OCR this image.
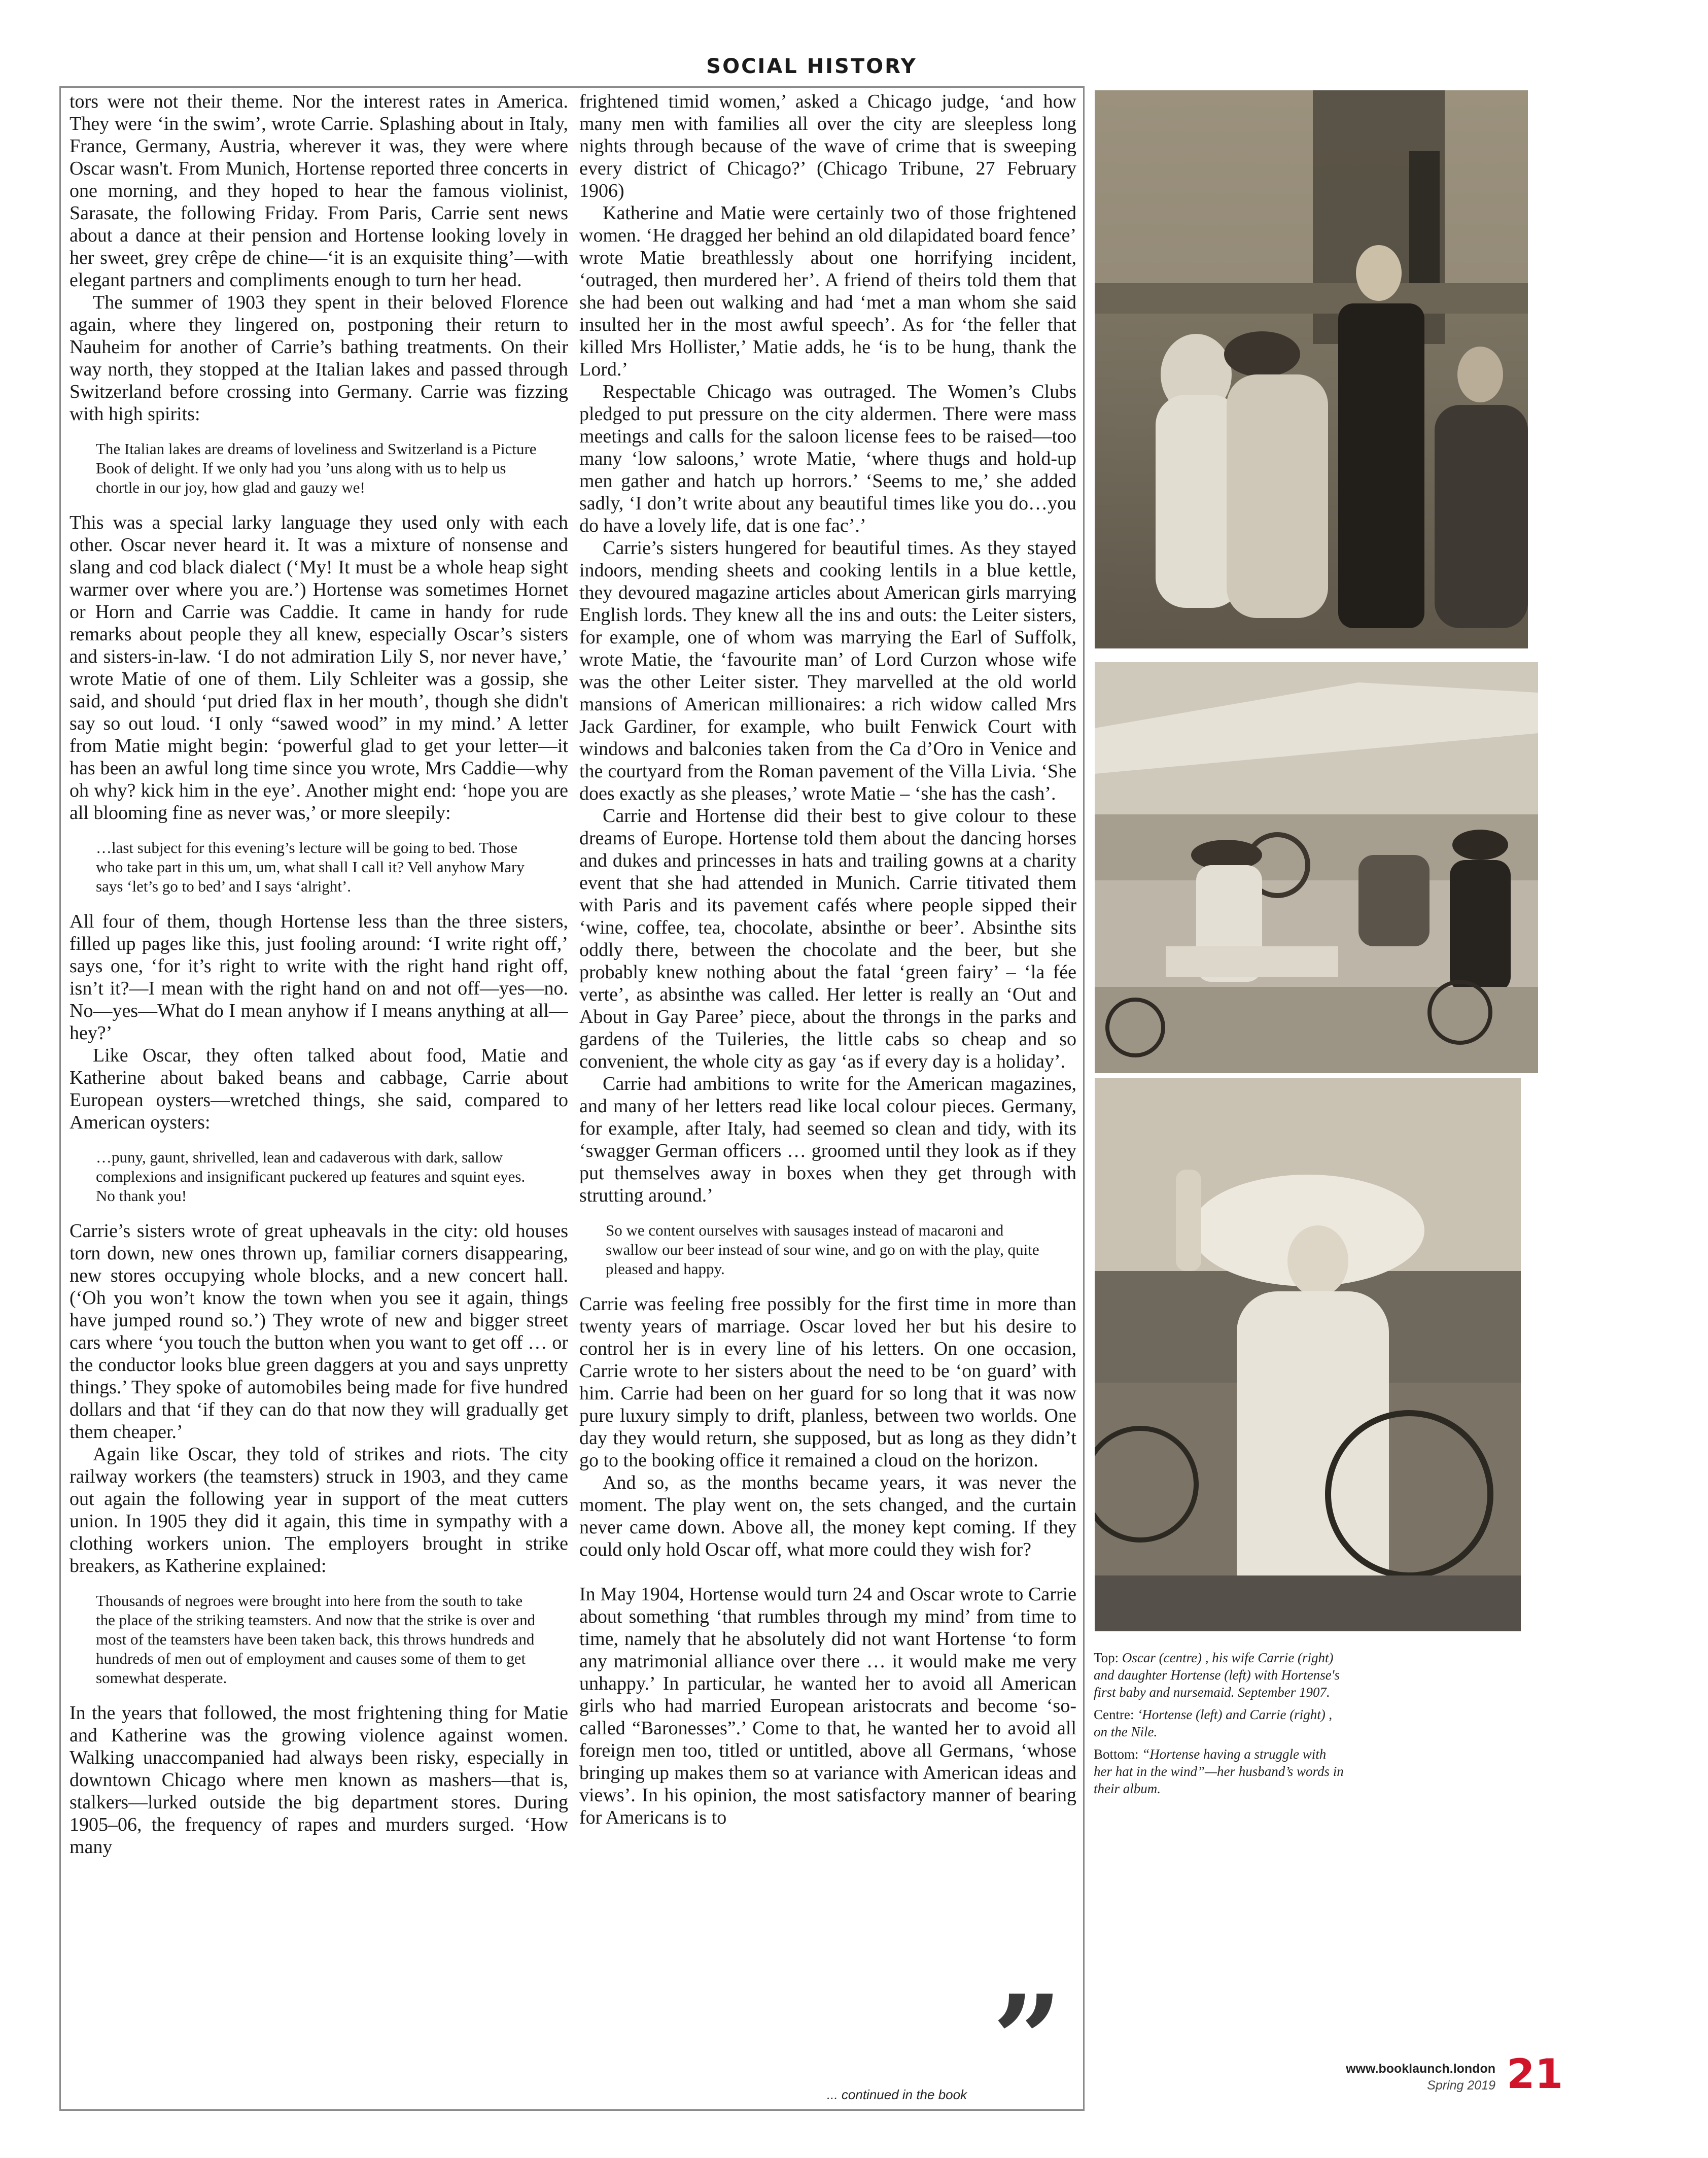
SOCIAL HISTORY

tors were not their theme. Nor the interest rates in America. They were ‘in the swim’, wrote Carrie. Splashing about in Italy, France, Germany, Austria, wherever it was, they were where Oscar wasn't. From Munich, Hortense reported three concerts in one morning, and they hoped to hear the famous violinist, Sarasate, the following Friday. From Paris, Carrie sent news about a dance at their pension and Hortense looking lovely in her sweet, grey crêpe de chine—‘it is an exquisite thing’—with elegant partners and compliments enough to turn her head.

The summer of 1903 they spent in their beloved Florence again, where they lingered on, postponing their return to Nauheim for another of Carrie’s bathing treatments. On their way north, they stopped at the Italian lakes and passed through Switzerland before crossing into Germany. Carrie was fizzing with high spirits:

The Italian lakes are dreams of loveliness and Switzerland is a Picture Book of delight. If we only had you ’uns along with us to help us chortle in our joy, how glad and gauzy we!

This was a special larky language they used only with each other. Oscar never heard it. It was a mixture of nonsense and slang and cod black dialect (‘My! It must be a whole heap sight warmer over where you are.’) Hortense was sometimes Hornet or Horn and Carrie was Caddie. It came in handy for rude remarks about people they all knew, especially Oscar’s sisters and sisters-in-law. ‘I do not admiration Lily S, nor never have,’ wrote Matie of one of them. Lily Schleiter was a gossip, she said, and should ‘put dried flax in her mouth’, though she didn't say so out loud. ‘I only “sawed wood” in my mind.’ A letter from Matie might begin: ‘powerful glad to get your letter—it has been an awful long time since you wrote, Mrs Caddie—why oh why? kick him in the eye’. Another might end: ‘hope you are all blooming fine as never was,’ or more sleepily:

…last subject for this evening’s lecture will be going to bed. Those who take part in this um, um, what shall I call it? Vell anyhow Mary says ‘let’s go to bed’ and I says ‘alright’.

All four of them, though Hortense less than the three sisters, filled up pages like this, just fooling around: ‘I write right off,’ says one, ‘for it’s right to write with the right hand right off, isn’t it?—I mean with the right hand on and not off—yes—no. No—yes—What do I mean anyhow if I means anything at all—hey?’

Like Oscar, they often talked about food, Matie and Katherine about baked beans and cabbage, Carrie about European oysters—wretched things, she said, compared to American oysters:

…puny, gaunt, shrivelled, lean and cadaverous with dark, sallow complexions and insignificant puckered up features and squint eyes. No thank you!

Carrie’s sisters wrote of great upheavals in the city: old houses torn down, new ones thrown up, familiar corners disappearing, new stores occupying whole blocks, and a new concert hall. (‘Oh you won’t know the town when you see it again, things have jumped round so.’) They wrote of new and bigger street cars where ‘you touch the button when you want to get off … or the conductor looks blue green daggers at you and says unpretty things.’ They spoke of automobiles being made for five hundred dollars and that ‘if they can do that now they will gradually get them cheaper.’

Again like Oscar, they told of strikes and riots. The city railway workers (the teamsters) struck in 1903, and they came out again the following year in support of the meat cutters union. In 1905 they did it again, this time in sympathy with a clothing workers union. The employers brought in strike breakers, as Katherine explained:

Thousands of negroes were brought into here from the south to take the place of the striking teamsters. And now that the strike is over and most of the teamsters have been taken back, this throws hundreds and hundreds of men out of employment and causes some of them to get somewhat desperate.

In the years that followed, the most frightening thing for Matie and Katherine was the growing violence against women. Walking unaccompanied had always been risky, especially in downtown Chicago where men known as mashers—that is, stalkers—lurked outside the big department stores. During 1905–06, the frequency of rapes and murders surged. ‘How many

frightened timid women,’ asked a Chicago judge, ‘and how many men with families all over the city are sleepless long nights through because of the wave of crime that is sweeping every district of Chicago?’ (Chicago Tribune, 27 February 1906)

Katherine and Matie were certainly two of those frightened women. ‘He dragged her behind an old dilapidated board fence’ wrote Matie breathlessly about one horrifying incident, ‘outraged, then murdered her’. A friend of theirs told them that she had been out walking and had ‘met a man whom she said insulted her in the most awful speech’. As for ‘the feller that killed Mrs Hollister,’ Matie adds, he ‘is to be hung, thank the Lord.’

Respectable Chicago was outraged. The Women’s Clubs pledged to put pressure on the city aldermen. There were mass meetings and calls for the saloon license fees to be raised—too many ‘low saloons,’ wrote Matie, ‘where thugs and hold-up men gather and hatch up horrors.’ ‘Seems to me,’ she added sadly, ‘I don’t write about any beautiful times like you do…you do have a lovely life, dat is one fac’.’

Carrie’s sisters hungered for beautiful times. As they stayed indoors, mending sheets and cooking lentils in a blue kettle, they devoured magazine articles about American girls marrying English lords. They knew all the ins and outs: the Leiter sisters, for example, one of whom was marrying the Earl of Suffolk, wrote Matie, the ‘favourite man’ of Lord Curzon whose wife was the other Leiter sister. They marvelled at the old world mansions of American millionaires: a rich widow called Mrs Jack Gardiner, for example, who built Fenwick Court with windows and balconies taken from the Ca d’Oro in Venice and the courtyard from the Roman pavement of the Villa Livia. ‘She does exactly as she pleases,’ wrote Matie – ‘she has the cash’.

Carrie and Hortense did their best to give colour to these dreams of Europe. Hortense told them about the dancing horses and dukes and princesses in hats and trailing gowns at a charity event that she had attended in Munich. Carrie titivated them with Paris and its pavement cafés where people sipped their ‘wine, coffee, tea, chocolate, absinthe or beer’. Absinthe sits oddly there, between the chocolate and the beer, but she probably knew nothing about the fatal ‘green fairy’ – ‘la fée verte’, as absinthe was called. Her letter is really an ‘Out and About in Gay Paree’ piece, about the throngs in the parks and gardens of the Tuileries, the little cabs so cheap and so convenient, the whole city as gay ‘as if every day is a holiday’.

Carrie had ambitions to write for the American magazines, and many of her letters read like local colour pieces. Germany, for example, after Italy, had seemed so clean and tidy, with its ‘swagger German officers … groomed until they look as if they put themselves away in boxes when they get through with strutting around.’

So we content ourselves with sausages instead of macaroni and swallow our beer instead of sour wine, and go on with the play, quite pleased and happy.

Carrie was feeling free possibly for the first time in more than twenty years of marriage. Oscar loved her but his desire to control her is in every line of his letters. On one occasion, Carrie wrote to her sisters about the need to be ‘on guard’ with him. Carrie had been on her guard for so long that it was now pure luxury simply to drift, planless, between two worlds. One day they would return, she supposed, but as long as they didn’t go to the booking office it remained a cloud on the horizon.

And so, as the months became years, it was never the moment. The play went on, the sets changed, and the curtain never came down. Above all, the money kept coming. If they could only hold Oscar off, what more could they wish for?

In May 1904, Hortense would turn 24 and Oscar wrote to Carrie about something ‘that rumbles through my mind’ from time to time, namely that he absolutely did not want Hortense ‘to form any matrimonial alliance over there … it would make me very unhappy.’ In particular, he wanted her to avoid all American girls who had married European aristocrats and become ‘so-called “Baronesses”.’ Come to that, he wanted her to avoid all foreign men too, titled or untitled, above all Germans, ‘whose bringing up makes them so at variance with American ideas and views’. In his opinion, the most satisfactory manner of bearing for Americans is to

”
... continued in the book

Top: Oscar (centre) , his wife Carrie (right) and daughter Hortense (left) with Hortense's first baby and nursemaid. September 1907.

Centre: ‘Hortense (left) and Carrie (right) , on the Nile.

Bottom: “Hortense having a struggle with her hat in the wind”—her husband’s words in their album.

www.booklaunch.london
Spring 2019 21
